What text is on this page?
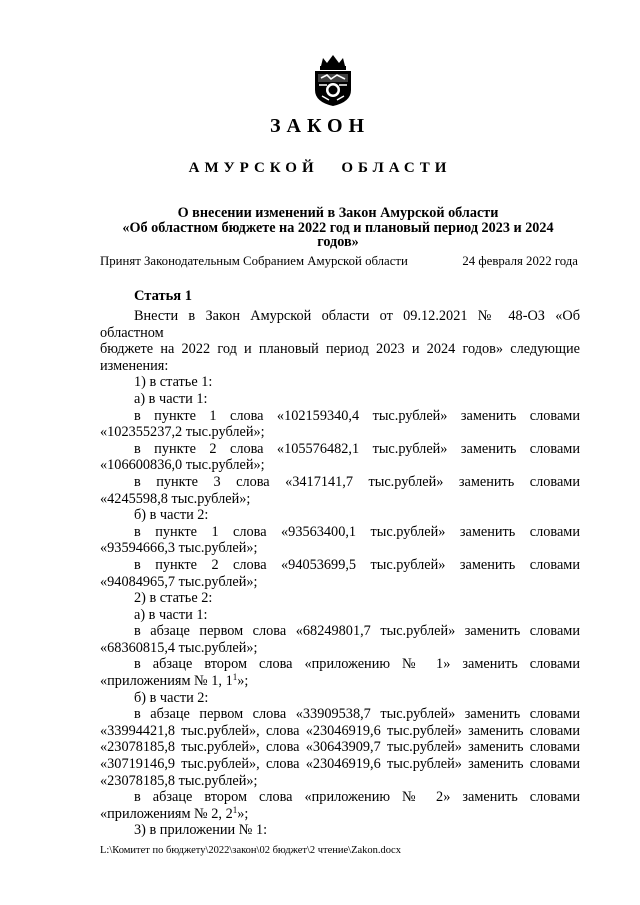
ЗАКОН
АМУРСКОЙ ОБЛАСТИ
О внесении изменений в Закон Амурской области
«Об областном бюджете на 2022 год и плановый период 2023 и 2024
годов»
Принят Законодательным Собранием Амурской области	24 февраля 2022 года
Статья 1

Внести в Закон Амурской области от 09.12.2021 № 48-ОЗ «Об областном

бюджете на 2022 год и плановый период 2023 и 2024 годов» следующие

изменения:

1) в статье 1:

а) в части 1:

в пункте 1 слова «102159340,4 тыс.рублей» заменить словами

«102355237,2 тыс.рублей»;

в пункте 2 слова «105576482,1 тыс.рублей» заменить словами

«106600836,0 тыс.рублей»;

в пункте 3 слова «3417141,7 тыс.рублей» заменить словами

«4245598,8 тыс.рублей»;

б) в части 2:

в пункте 1 слова «93563400,1 тыс.рублей» заменить словами

«93594666,3 тыс.рублей»;

в пункте 2 слова «94053699,5 тыс.рублей» заменить словами

«94084965,7 тыс.рублей»;

2) в статье 2:

а) в части 1:

в абзаце первом слова «68249801,7 тыс.рублей» заменить словами

«68360815,4 тыс.рублей»;

в абзаце втором слова «приложению № 1» заменить словами

«приложениям № 1, $1^1$»;

б) в части 2:

в абзаце первом слова «33909538,7 тыс.рублей» заменить словами

«33994421,8 тыс.рублей», слова «23046919,6 тыс.рублей» заменить словами

«23078185,8 тыс.рублей», слова «30643909,7 тыс.рублей» заменить словами

«30719146,9 тыс.рублей», слова «23046919,6 тыс.рублей» заменить словами

«23078185,8 тыс.рублей»;

в абзаце втором слова «приложению № 2» заменить словами

«приложениям № 2, $2^1$»;

3) в приложении № 1:

L:\Комитет по бюджету\2022\закон\02 бюджет\2 чтение\Zakon.docx
